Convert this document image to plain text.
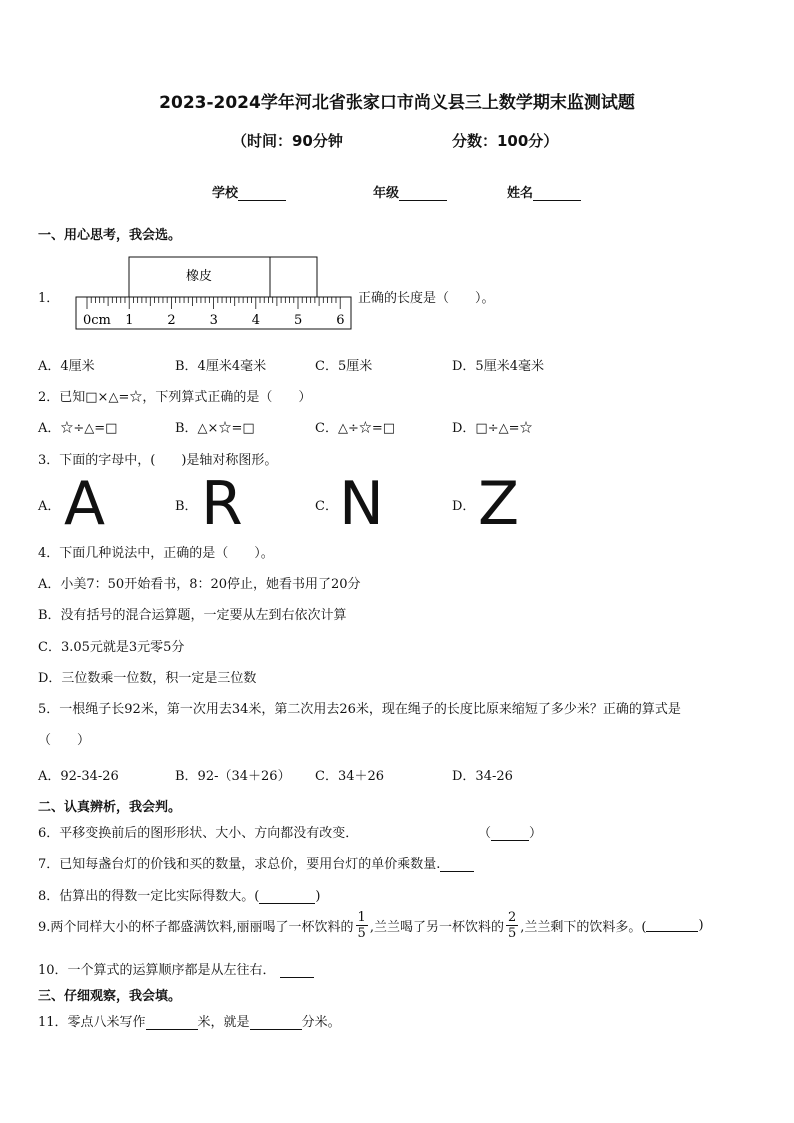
2023-2024学年河北省张家口市尚义县三上数学期末监测试题
（时间：90分钟	分数：100分）
学校	年级	姓名
一、用心思考，我会选。
1．
橡皮
0cm 1	2	3	4	5	6
正确的长度是（　　）。
A．4厘米	B．4厘米4毫米	C．5厘米	D．5厘米4毫米
2．已知□×△=☆，下列算式正确的是（　　）
A．☆÷△=□	B．△×☆=□	C．△÷☆=□	D．□÷△=☆
3．下面的字母中，(　　)是轴对称图形。
A． A	B． R	C． N	D． Z
4．下面几种说法中，正确的是（　　）。
A．小美7：50开始看书，8：20停止，她看书用了20分
B．没有括号的混合运算题，一定要从左到右依次计算
C．3.05元就是3元零5分
D．三位数乘一位数，积一定是三位数
5．一根绳子长92米，第一次用去34米，第二次用去26米，现在绳子的长度比原来缩短了多少米？正确的算式是
（　　）
A．92-34-26	B．92-（34＋26） C．34＋26	D．34-26
二、认真辨析，我会判。
6．平移变换前后的图形形状、大小、方向都没有改变．	（	）
7．已知每盏台灯的价钱和买的数量，求总价，要用台灯的单价乘数量.
8．估算出的得数一定比实际得数大。(	)
9.两个同样大小的杯子都盛满饮料,丽丽喝了一杯饮料的 $\frac{1}{5}$ ,兰兰喝了另一杯饮料的 $\frac{2}{5}$ ,兰兰剩下的饮料多。(	)
10．一个算式的运算顺序都是从左往右．
三、仔细观察，我会填。
11．零点八米写作	米，就是	分米。
